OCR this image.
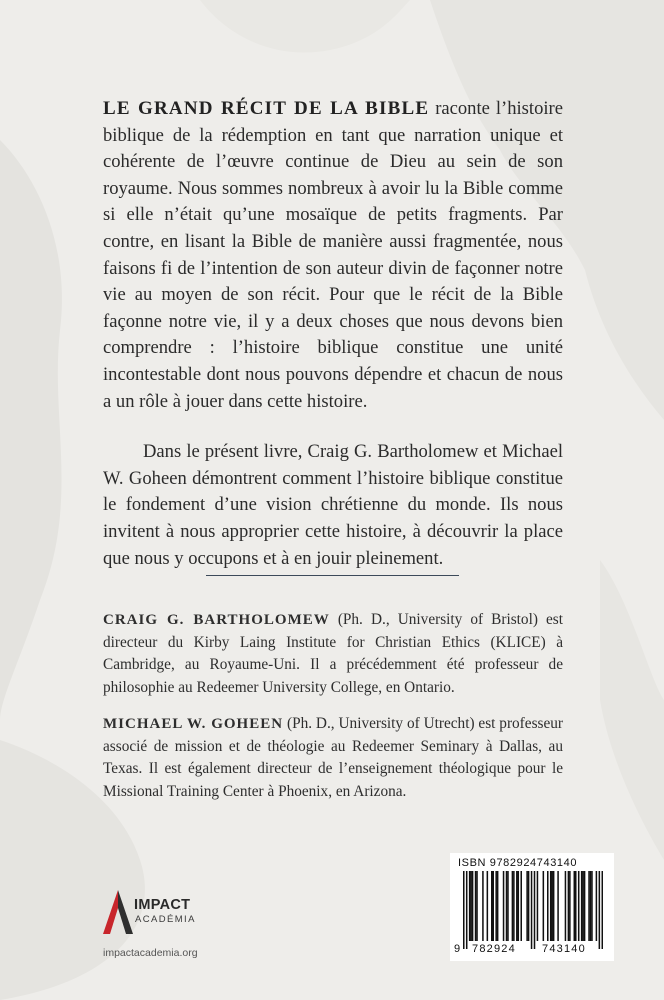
LE GRAND RÉCIT DE LA BIBLE raconte l’histoire biblique de la rédemption en tant que narration unique et cohérente de l’œuvre continue de Dieu au sein de son royaume. Nous sommes nombreux à avoir lu la Bible comme si elle n’était qu’une mosaïque de petits fragments. Par contre, en lisant la Bible de manière aussi fragmentée, nous faisons fi de l’intention de son auteur divin de façonner notre vie au moyen de son récit. Pour que le récit de la Bible façonne notre vie, il y a deux choses que nous devons bien comprendre : l’histoire biblique constitue une unité incontestable dont nous pouvons dépendre et chacun de nous a un rôle à jouer dans cette histoire.

Dans le présent livre, Craig G. Bartholomew et Michael W. Goheen démontrent comment l’histoire biblique constitue le fondement d’une vision chrétienne du monde. Ils nous invitent à nous approprier cette histoire, à découvrir la place que nous y occupons et à en jouir pleinement.

CRAIG G. BARTHOLOMEW (Ph. D., University of Bristol) est directeur du Kirby Laing Institute for Christian Ethics (KLICE) à Cambridge, au Royaume-Uni. Il a précédemment été professeur de philosophie au Redeemer University College, en Ontario.

MICHAEL W. GOHEEN (Ph. D., University of Utrecht) est professeur associé de mission et de théologie au Redeemer Seminary à Dallas, au Texas. Il est également directeur de l’enseignement théologique pour le Missional Training Center à Phoenix, en Arizona.

IMPACT
ACADÉMIA
impactacademia.org
ISBN 9782924743140
9 782924 743140
